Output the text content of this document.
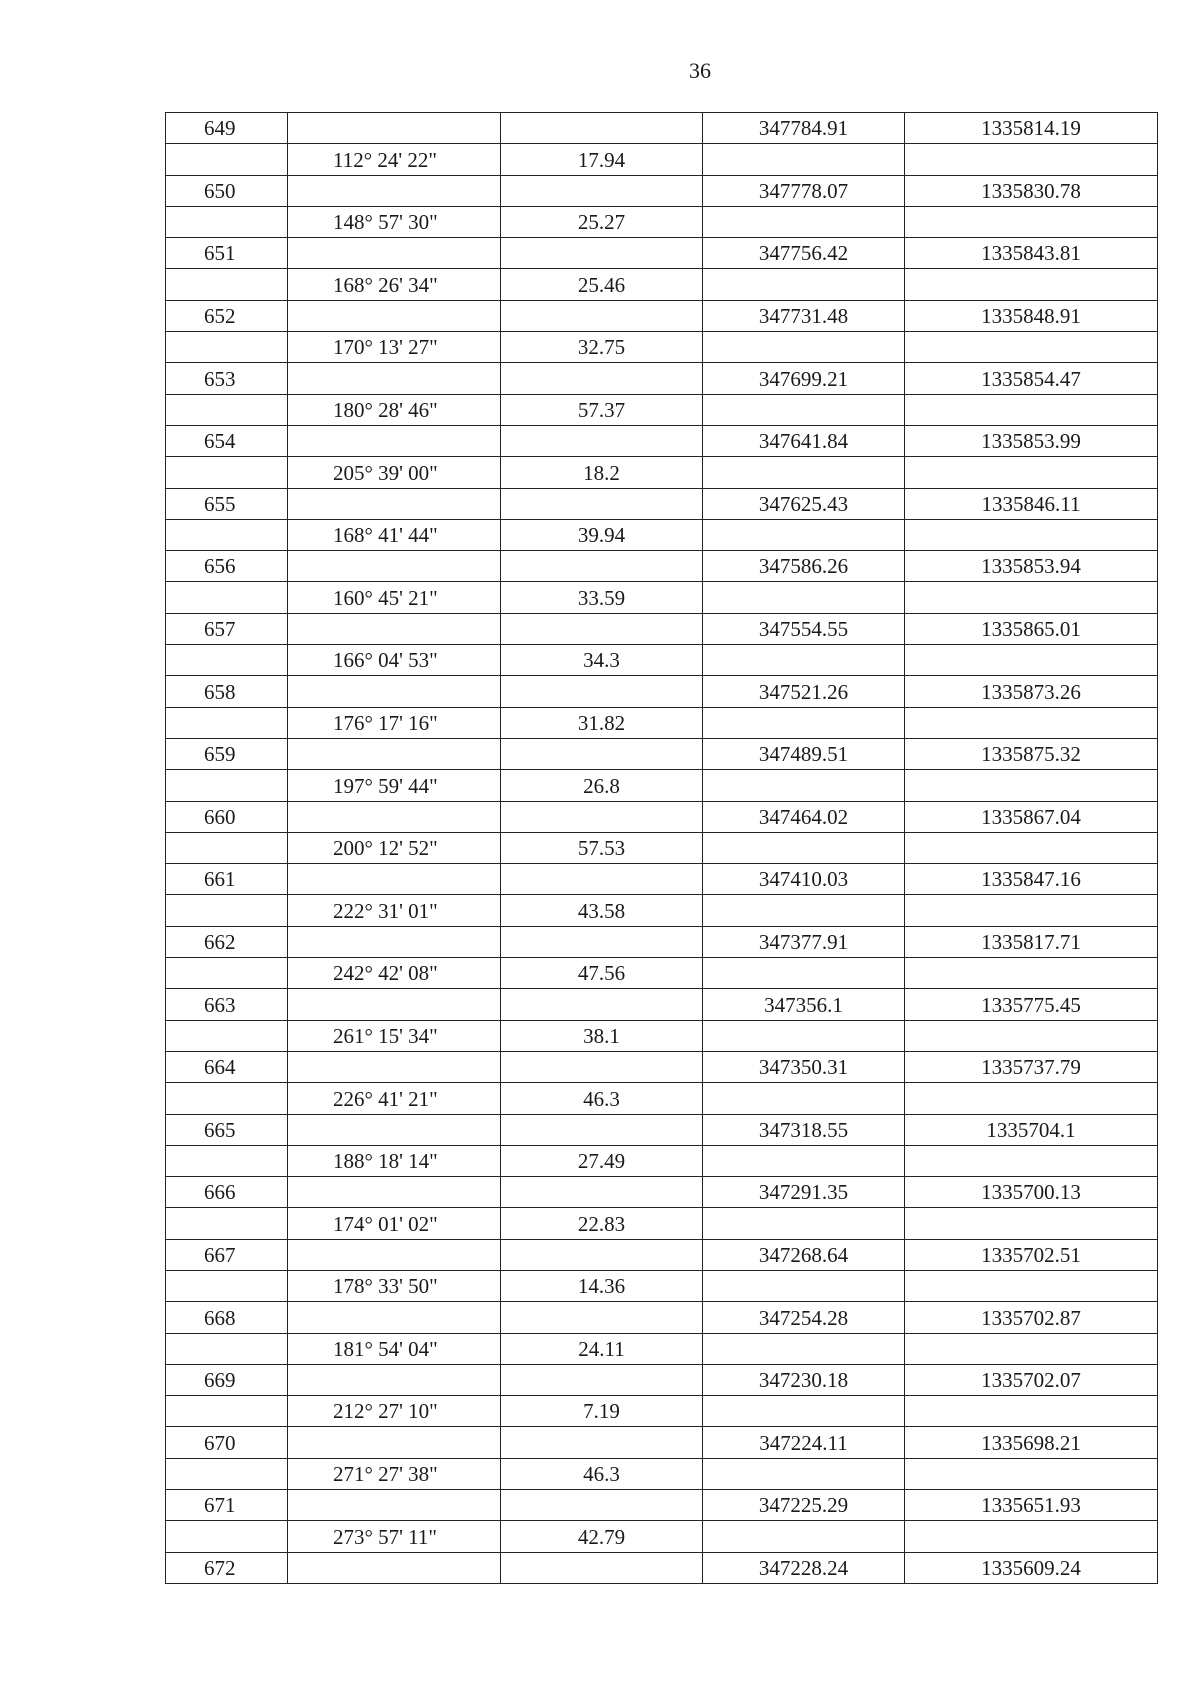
36
649			347784.91	1335814.19
	112° 24' 22"	17.94		
650			347778.07	1335830.78
	148° 57' 30"	25.27		
651			347756.42	1335843.81
	168° 26' 34"	25.46		
652			347731.48	1335848.91
	170° 13' 27"	32.75		
653			347699.21	1335854.47
	180° 28' 46"	57.37		
654			347641.84	1335853.99
	205° 39' 00"	18.2		
655			347625.43	1335846.11
	168° 41' 44"	39.94		
656			347586.26	1335853.94
	160° 45' 21"	33.59		
657			347554.55	1335865.01
	166° 04' 53"	34.3		
658			347521.26	1335873.26
	176° 17' 16"	31.82		
659			347489.51	1335875.32
	197° 59' 44"	26.8		
660			347464.02	1335867.04
	200° 12' 52"	57.53		
661			347410.03	1335847.16
	222° 31' 01"	43.58		
662			347377.91	1335817.71
	242° 42' 08"	47.56		
663			347356.1	1335775.45
	261° 15' 34"	38.1		
664			347350.31	1335737.79
	226° 41' 21"	46.3		
665			347318.55	1335704.1
	188° 18' 14"	27.49		
666			347291.35	1335700.13
	174° 01' 02"	22.83		
667			347268.64	1335702.51
	178° 33' 50"	14.36		
668			347254.28	1335702.87
	181° 54' 04"	24.11		
669			347230.18	1335702.07
	212° 27' 10"	7.19		
670			347224.11	1335698.21
	271° 27' 38"	46.3		
671			347225.29	1335651.93
	273° 57' 11"	42.79		
672			347228.24	1335609.24
